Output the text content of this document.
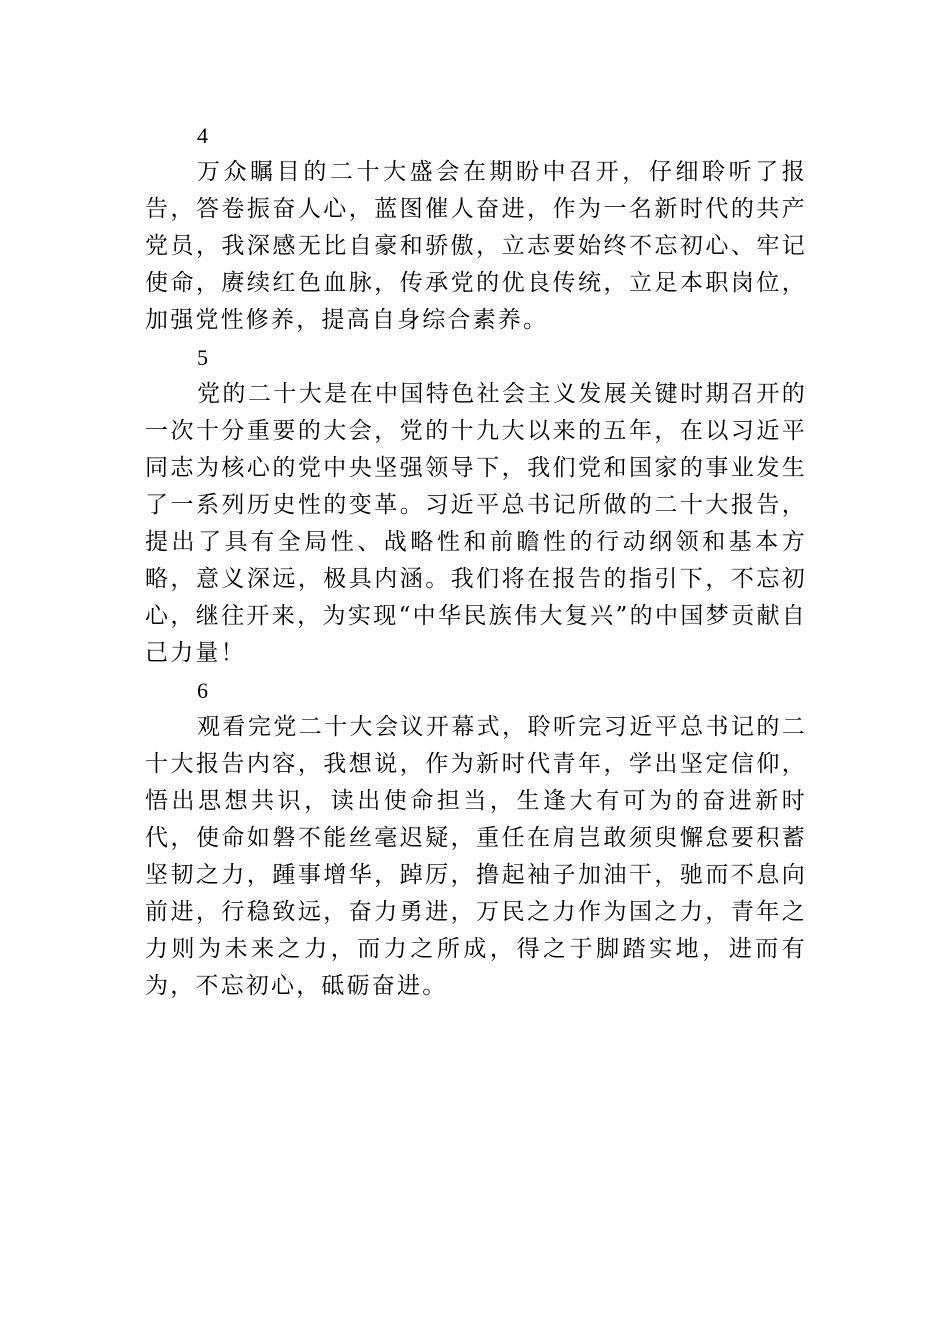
4

万众瞩目的二十大盛会在期盼中召开，仔细聆听了报告，答卷振奋人心，蓝图催人奋进，作为一名新时代的共产党员，我深感无比自豪和骄傲，立志要始终不忘初心、牢记使命，赓续红色血脉，传承党的优良传统，立足本职岗位，加强党性修养，提高自身综合素养。

5

党的二十大是在中国特色社会主义发展关键时期召开的一次十分重要的大会，党的十九大以来的五年，在以习近平同志为核心的党中央坚强领导下，我们党和国家的事业发生了一系列历史性的变革。习近平总书记所做的二十大报告，提出了具有全局性、战略性和前瞻性的行动纲领和基本方略，意义深远，极具内涵。我们将在报告的指引下，不忘初心，继往开来，为实现“中华民族伟大复兴”的中国梦贡献自己力量！

6

观看完党二十大会议开幕式，聆听完习近平总书记的二十大报告内容，我想说，作为新时代青年，学出坚定信仰，悟出思想共识，读出使命担当，生逢大有可为的奋进新时代，使命如磐不能丝毫迟疑，重任在肩岂敢须臾懈怠要积蓄坚韧之力，踵事增华，踔厉，撸起袖子加油干，驰而不息向前进，行稳致远，奋力勇进，万民之力作为国之力，青年之力则为未来之力，而力之所成，得之于脚踏实地，进而有为，不忘初心，砥砺奋进。
